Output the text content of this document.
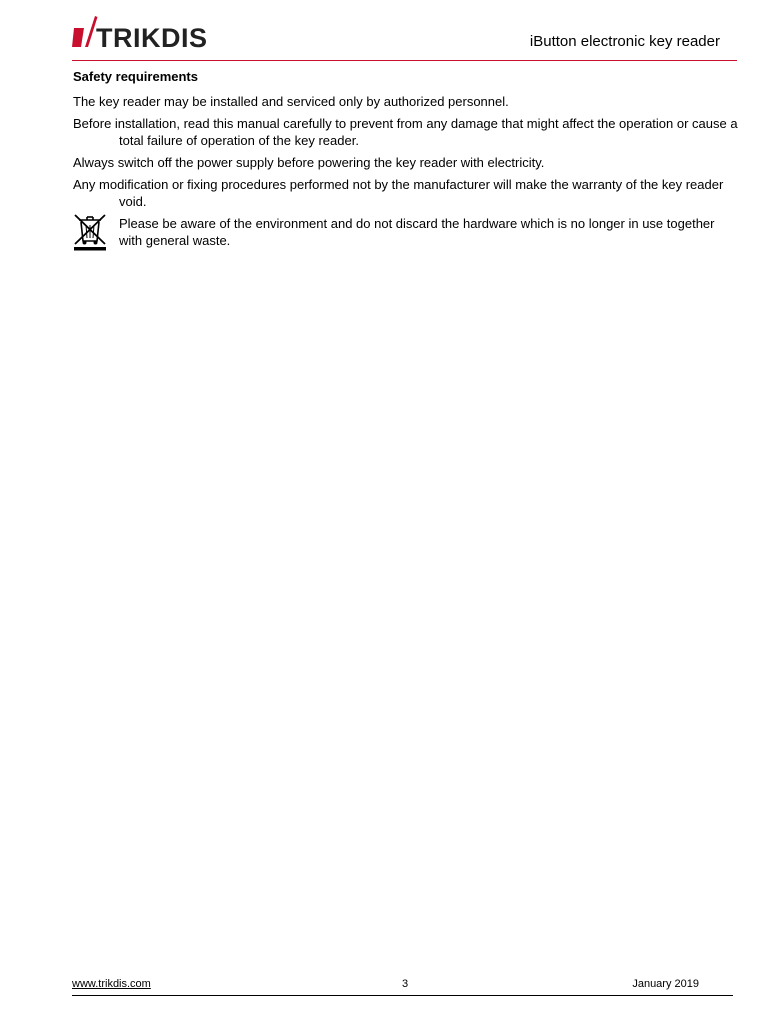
TRIKDIS	iButton electronic key reader
Safety requirements

The key reader may be installed and serviced only by authorized personnel.

Before installation, read this manual carefully to prevent from any damage that might affect the operation or cause a total failure of operation of the key reader.

Always switch off the power supply before powering the key reader with electricity.

Any modification or fixing procedures performed not by the manufacturer will make the warranty of the key reader void.

Please be aware of the environment and do not discard the hardware which is no longer in use together with general waste.
www.trikdis.com	3	January 2019
